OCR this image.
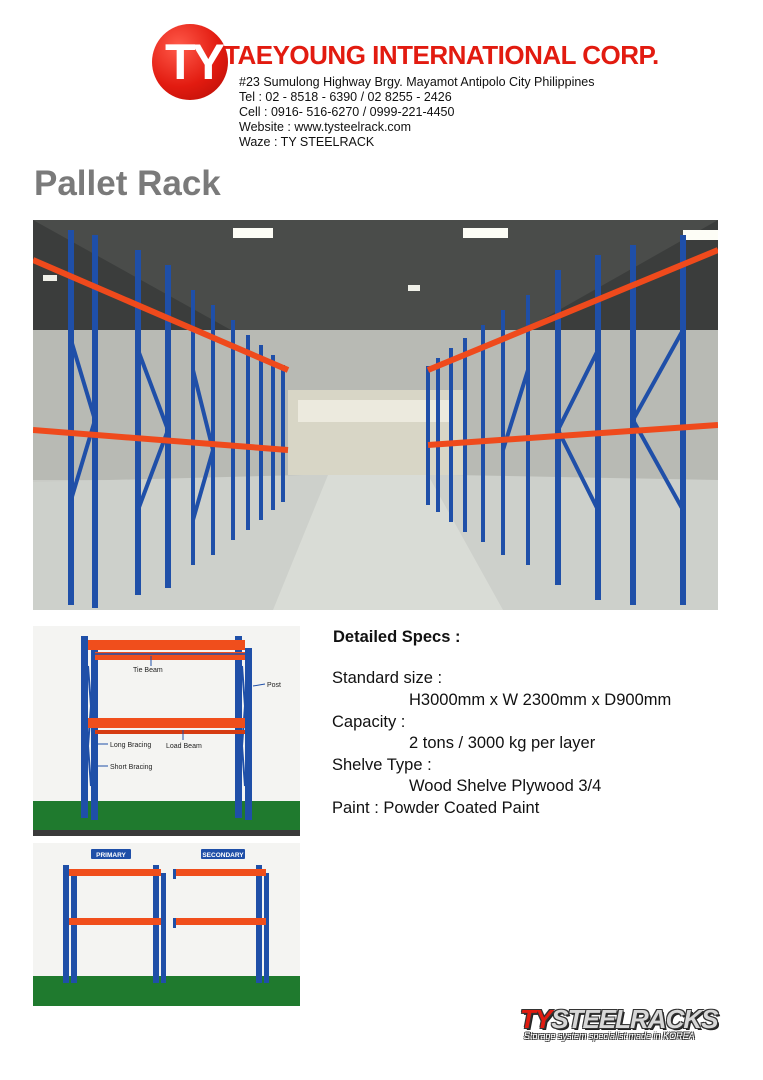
TY TAEYOUNG INTERNATIONAL CORP.
#23 Sumulong Highway Brgy. Mayamot Antipolo City Philippines
Tel : 02 - 8518 - 6390 / 02 8255 - 2426
Cell : 0916- 516-6270 / 0999-221-4450
Website : www.tysteelrack.com
Waze : TY STEELRACK
Pallet Rack
Tie Beam
Post
Long Bracing Load Beam
Short Bracing
PRIMARY	SECONDARY
Detailed Specs :
Standard size :
H3000mm x W 2300mm x D900mm
Capacity :
2 tons / 3000 kg per layer
Shelve Type :
Wood Shelve Plywood 3/4
Paint : Powder Coated Paint
TYSTEELRACKS
Storage system specialist made in KOREA
